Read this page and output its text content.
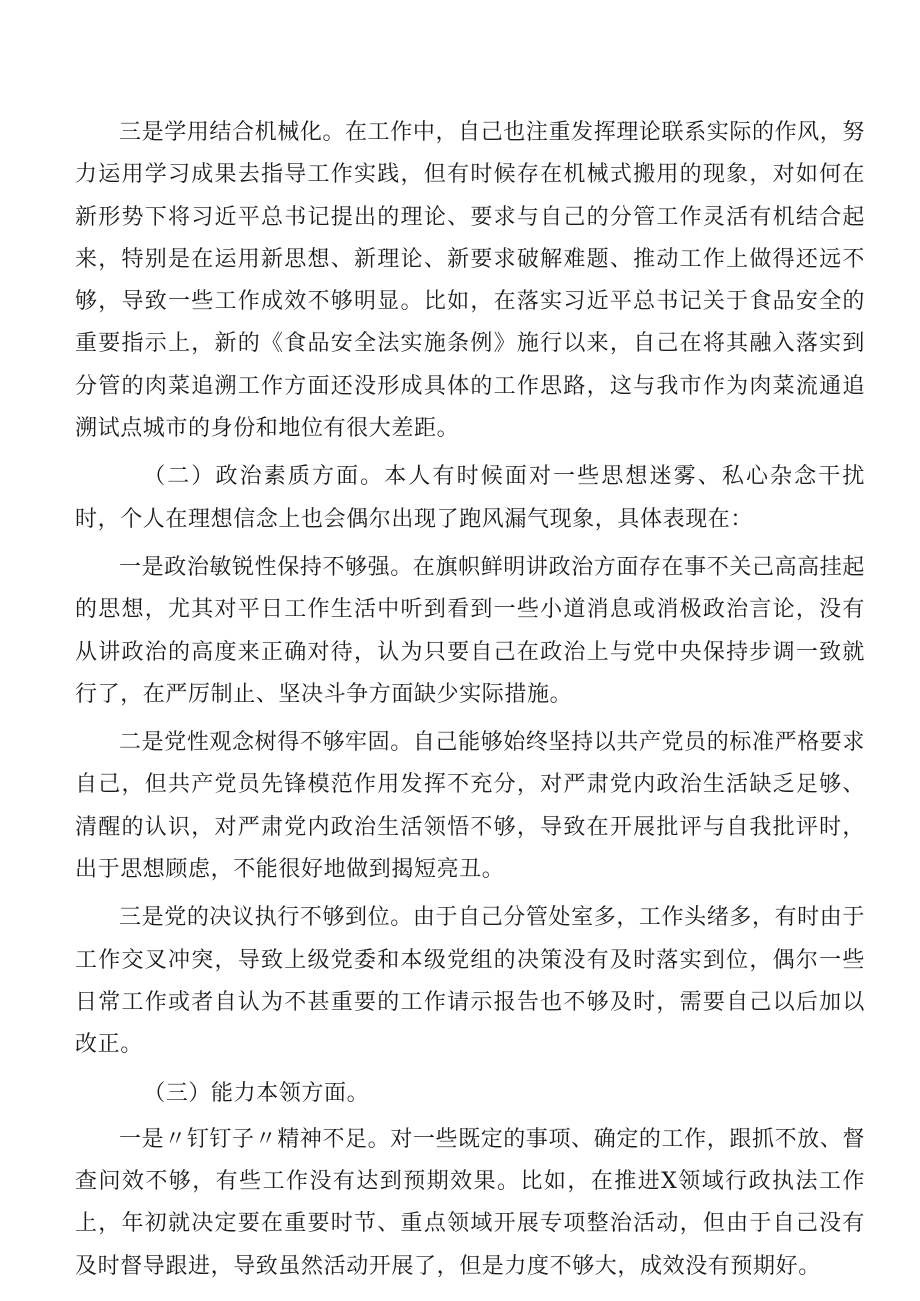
三是学用结合机械化。在工作中，自己也注重发挥理论联系实际的作风，努力运用学习成果去指导工作实践，但有时候存在机械式搬用的现象，对如何在新形势下将习近平总书记提出的理论、要求与自己的分管工作灵活有机结合起来，特别是在运用新思想、新理论、新要求破解难题、推动工作上做得还远不够，导致一些工作成效不够明显。比如，在落实习近平总书记关于食品安全的重要指示上，新的《食品安全法实施条例》施行以来，自己在将其融入落实到分管的肉菜追溯工作方面还没形成具体的工作思路，这与我市作为肉菜流通追溯试点城市的身份和地位有很大差距。

（二）政治素质方面。本人有时候面对一些思想迷雾、私心杂念干扰时，个人在理想信念上也会偶尔出现了跑风漏气现象，具体表现在：

一是政治敏锐性保持不够强。在旗帜鲜明讲政治方面存在事不关己高高挂起的思想，尤其对平日工作生活中听到看到一些小道消息或消极政治言论，没有从讲政治的高度来正确对待，认为只要自己在政治上与党中央保持步调一致就行了，在严厉制止、坚决斗争方面缺少实际措施。

二是党性观念树得不够牢固。自己能够始终坚持以共产党员的标准严格要求自己，但共产党员先锋模范作用发挥不充分，对严肃党内政治生活缺乏足够、清醒的认识，对严肃党内政治生活领悟不够，导致在开展批评与自我批评时，出于思想顾虑，不能很好地做到揭短亮丑。

三是党的决议执行不够到位。由于自己分管处室多，工作头绪多，有时由于工作交叉冲突，导致上级党委和本级党组的决策没有及时落实到位，偶尔一些日常工作或者自认为不甚重要的工作请示报告也不够及时，需要自己以后加以改正。

（三）能力本领方面。

一是〃钉钉子〃精神不足。对一些既定的事项、确定的工作，跟抓不放、督查问效不够，有些工作没有达到预期效果。比如，在推进X领域行政执法工作上，年初就决定要在重要时节、重点领域开展专项整治活动，但由于自己没有及时督导跟进，导致虽然活动开展了，但是力度不够大，成效没有预期好。
